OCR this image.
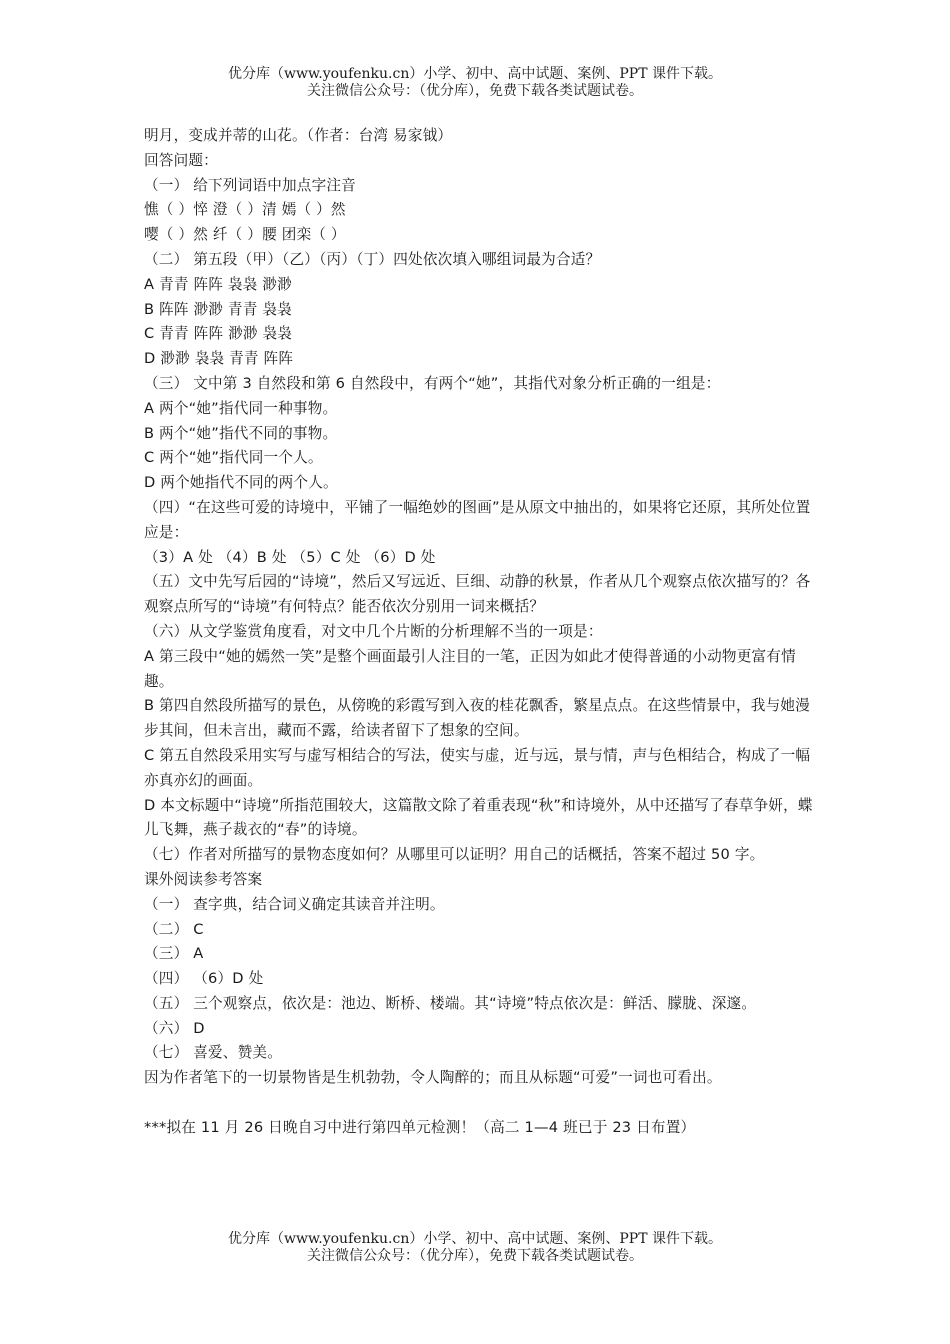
优分库（www.youfenku.cn）小学、初中、高中试题、案例、PPT 课件下载。
关注微信公众号：（优分库），免费下载各类试题试卷。

明月，变成并蒂的山花。（作者：台湾 易家钺）

回答问题：

（一） 给下列词语中加点字注音

憔（ ）悴 澄（ ）清 嫣（ ）然

嘤（ ）然 纤（ ）腰 团栾（ ）

（二） 第五段（甲）（乙）（丙）（丁）四处依次填入哪组词最为合适？

A 青青 阵阵 袅袅 渺渺

B 阵阵 渺渺 青青 袅袅

C 青青 阵阵 渺渺 袅袅

D 渺渺 袅袅 青青 阵阵

（三） 文中第 3 自然段和第 6 自然段中，有两个“她”，其指代对象分析正确的一组是：

A 两个“她”指代同一种事物。

B 两个“她”指代不同的事物。

C 两个“她”指代同一个人。

D 两个她指代不同的两个人。

（四）“在这些可爱的诗境中，平铺了一幅绝妙的图画”是从原文中抽出的，如果将它还原，其所处位置应是：

（3）A 处 （4）B 处 （5）C 处 （6）D 处

（五）文中先写后园的“诗境”，然后又写远近、巨细、动静的秋景，作者从几个观察点依次描写的？各观察点所写的“诗境”有何特点？能否依次分别用一词来概括？

（六）从文学鉴赏角度看，对文中几个片断的分析理解不当的一项是：

A 第三段中“她的嫣然一笑”是整个画面最引人注目的一笔，正因为如此才使得普通的小动物更富有情趣。

B 第四自然段所描写的景色，从傍晚的彩霞写到入夜的桂花飘香，繁星点点。在这些情景中，我与她漫步其间，但未言出，藏而不露，给读者留下了想象的空间。

C 第五自然段采用实写与虚写相结合的写法，使实与虚，近与远，景与情，声与色相结合，构成了一幅亦真亦幻的画面。

D 本文标题中“诗境”所指范围较大，这篇散文除了着重表现“秋”和诗境外，从中还描写了春草争妍，蝶儿飞舞，燕子裁衣的“春”的诗境。

（七）作者对所描写的景物态度如何？从哪里可以证明？用自己的话概括，答案不超过 50 字。

课外阅读参考答案

（一） 查字典，结合词义确定其读音并注明。

（二） C

（三） A

（四） （6）D 处

（五） 三个观察点，依次是：池边、断桥、楼端。其“诗境”特点依次是：鲜活、朦胧、深邃。

（六） D

（七） 喜爱、赞美。

因为作者笔下的一切景物皆是生机勃勃，令人陶醉的；而且从标题“可爱”一词也可看出。

***拟在 11 月 26 日晚自习中进行第四单元检测！（高二 1—4 班已于 23 日布置）

优分库（www.youfenku.cn）小学、初中、高中试题、案例、PPT 课件下载。
关注微信公众号：（优分库），免费下载各类试题试卷。
